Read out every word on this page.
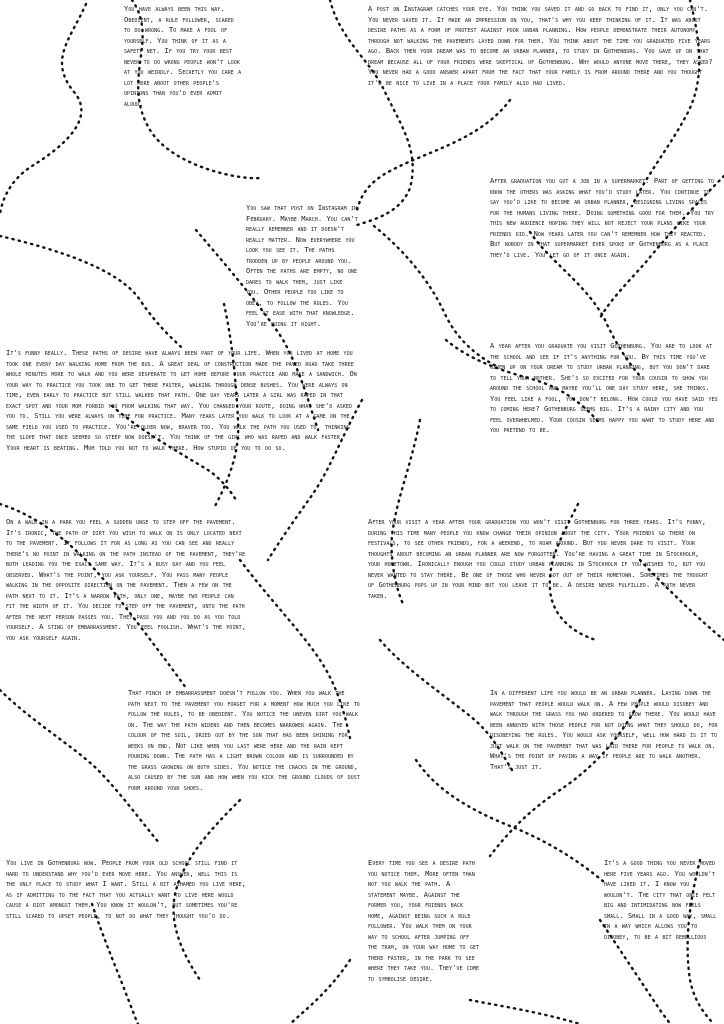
You have always been this way. Obedient, a rule follower, scared to do wrong. To make a fool of yourself. You think of it as a safety net. If you try your best never to do wrong people won't look at you weirdly. Secretly you care a lot more about other people's opinions than you'd ever admit aloud.

A post on Instagram catches your eye. You think you saved it and go back to find it, only you can't. You never saved it. It made an impression on you, that's why you keep thinking of it. It was about desire paths as a form of protest against poor urban planning. How people demonstrate their autonomy through not walking the pavements layed down for them. You think about the time you graduated five years ago. Back then your dream was to become an urban planner, to study in Gothenburg. You gave up on that dream because all of your friends were skeptical of Gothenburg. Why would anyone move there, they asked? You never had a good answer apart from the fact that your family is from around there and you thought it'd be nice to live in a place your family also had lived.

You saw that post on Instagram in February. Maybe March. You can't really remember and it doesn't really matter. Now everywhere you look you see it. The paths trodden up by people around you. Often the paths are empty, no one dares to walk them, just like you. Other people too like to obey, to follow the rules. You feel at ease with that knowledge. You're doing it right.

After graduation you got a job in a supermarket. Part of getting to know the others was asking what you'd study later. You continue to say you'd like to become an urban planner, designing living spaces for the humans living there. Doing something good for them. You try this new audience hoping they will not reject your plans like your friends did. Now years later you can't remember how they reacted. But nobody in that supermarket ever spoke of Gothenburg as a place they'd live. You let go of it once again.

It's funny really. These paths of desire have always been part of your life. When you lived at home you took one every day walking home from the bus. A great deal of construction made the paved road take three whole minutes more to walk and you were desperate to get home before your practice and make a sandwich. On your way to practice you took one to get there faster, walking through dense bushes. You were always on time, even early to practice but still walked that path. One day years later a girl was raped in that exact spot and your mom forbid you from walking that way. You changed your route, doing what she'd asked you to. Still you were always on time for practice. Many years later you walk to look at a game on the same field you used to practice. You're older now, braver too. You walk the path you used to, thinking the slope that once seemed so steep now doesn't. You think of the girl who was raped and walk faster. Your heart is beating. Mom told you not to walk there. How stupid of you to do so.

A year after you graduate you visit Gothenburg. You are to look at the school and see if it's anything for you. By this time you've given up on your dream to study urban planning, but you don't dare to tell your mother. She's so excited for your cousin to show you around the school and maybe you'll one day study here, she thinks. You feel like a fool, you don't belong. How could you have said yes to coming here? Gothenburg seems big. It's a rainy city and you feel overwhelmed. Your cousin seems happy you want to study here and you pretend to be.

On a walk in a park you feel a sudden urge to step off the pavement. It's ironic, the path of dirt you wish to walk on is only located next to the pavement. It follows it for as long as you can see and really there's no point in walking on the path instead of the pavement, they're both leading you the exact same way. It's a busy day and you feel observed. What's the point, you ask yourself. You pass many people walking in the opposite direction on the pavement. Then a few on the path next to it. It's a narrow path, only one, maybe two people can fit the width of it. You decide to step off the pavement, onto the path after the next person passes you. They pass you and you do as you told yourself. A sting of embarrassment. You feel foolish. What's the point, you ask yourself again.

After your visit a year after your graduation you won't visit Gothenburg for three years. It's funny, during this time many people you know change their opinion about the city. Your friends go there on festivals, to see other friends, for a weekend, to roam around. But you never dare to visit. Your thoughts about becoming an urban planner are now forgotten. You're having a great time in Stockholm, your hometown. Ironically enough you could study urban planning in Stockholm if you wished to, but you never wanted to stay there. Be one of those who never got out of their hometown. Sometimes the thought of Gothenburg pops up in your mind but you leave it to be. A desire never fulfilled. A path never taken.

That pinch of embarrassment doesn't follow you. When you walk the path next to the pavement you forget for a moment how much you like to follow the rules, to be obedient. You notice the uneven dirt you walk on. The way the path widens and then becomes narrower again. The colour of the soil, dried out by the sun that has been shining for weeks on end. Not like when you last were here and the rain kept pouring down. The path has a light brown colour and is surrounded by the grass growing on both sides. You notice the cracks in the ground, also caused by the sun and how when you kick the ground clouds of dust form around your shoes.

In a different life you would be an urban planner. Laying down the pavement that people would walk on. A few people would disobey and walk through the grass you had ordered to grow there. You would have been annoyed with those people for not doing what they should do, for disobeying the rules. You would ask yourself, well how hard is it to just walk on the pavement that was laid there for people to walk on. What's the point of paving a way if people are to walk another. That's just it.

You live in Gothenburg now. People from your old school still find it hard to understand why you'd ever move here. You answer, well this is the only place to study what I want. Still a bit ashamed you live here, as if admitting to the fact that you actually want to live here would cause a riot amongst them. You know it wouldn't, but sometimes you're still scared to upset people, to not do what they thought you'd do.

Every time you see a desire path you notice them. More often than not you walk the path. A statement maybe. Against the former you, your friends back home, against being such a rule follower. You walk them on your way to school after jumping off the tram, on your way home to get there faster, in the park to see where they take you. They've come to symbolise desire.

It's a good thing you never moved here five years ago. You wouldn't have liked it. I know you wouldn't. The city that once felt big and intimidating now feels small. Small in a good way, small in a way which allows you to disobey, to be a bit rebellious
